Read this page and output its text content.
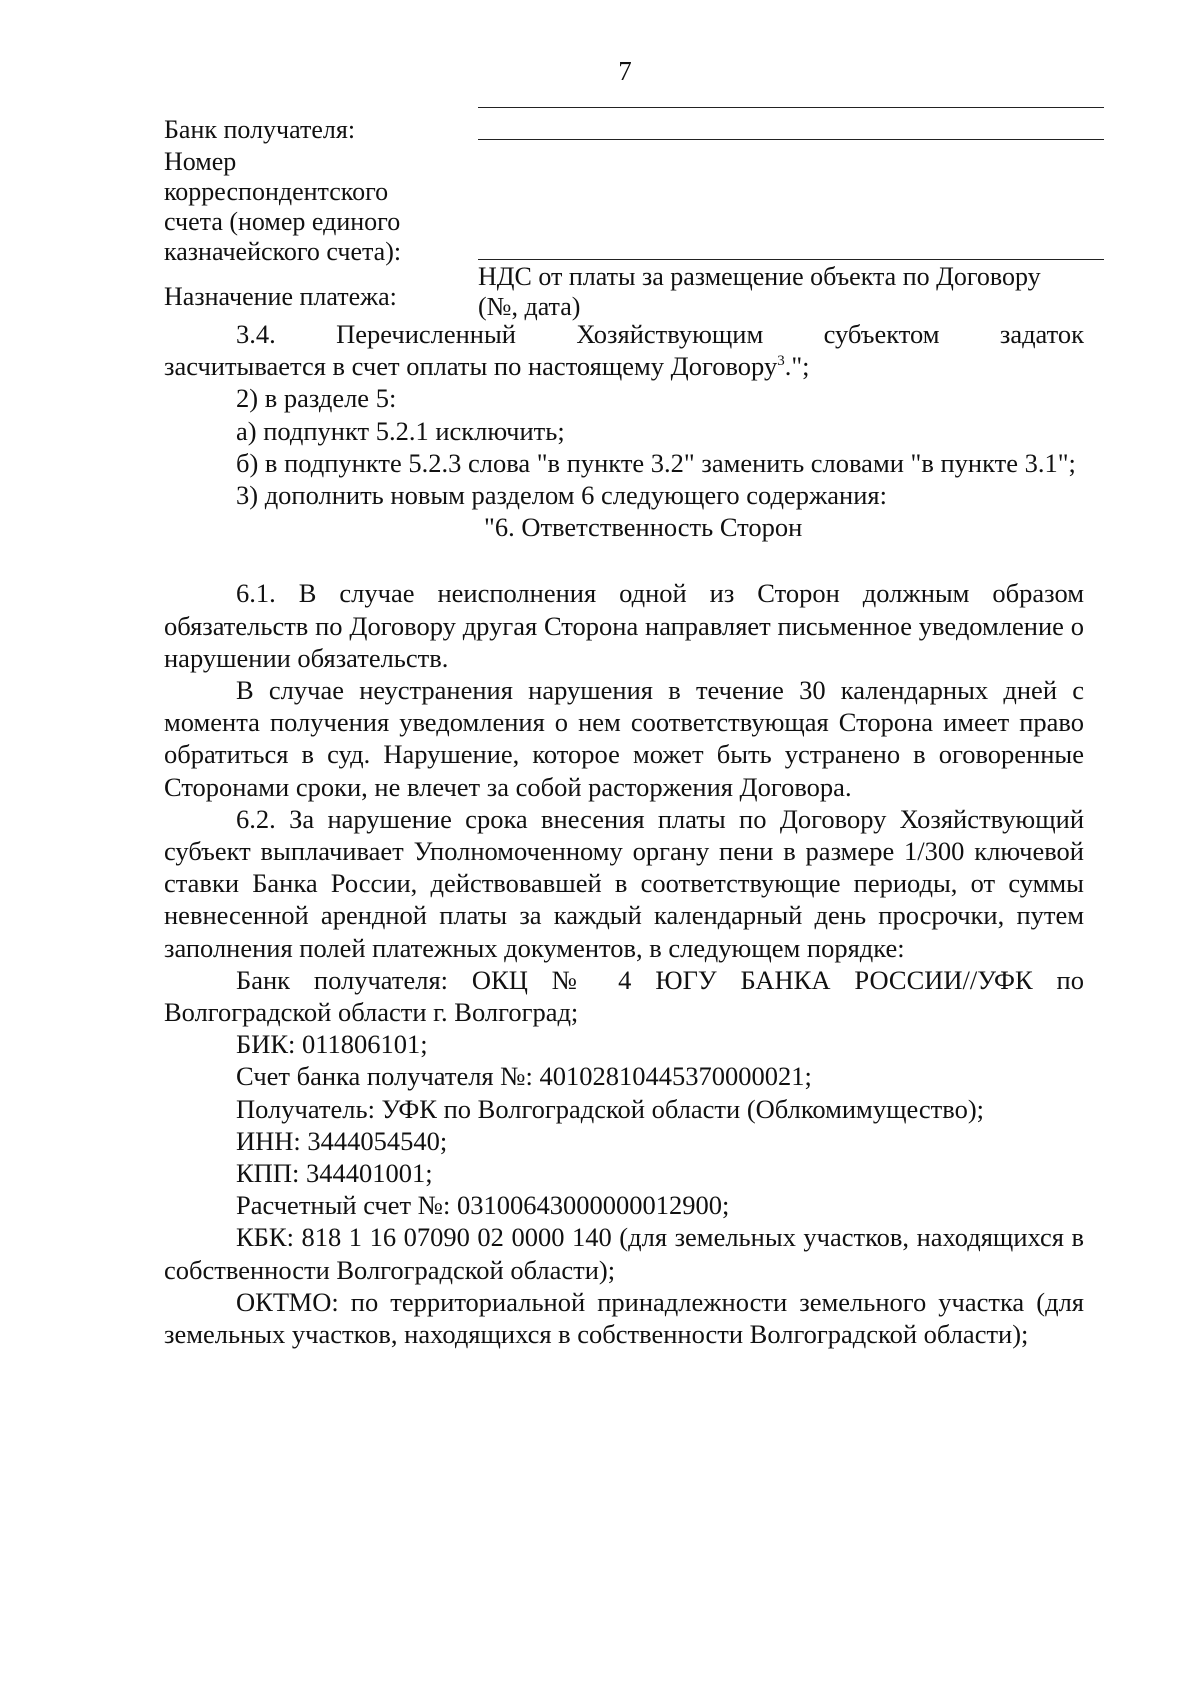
7
Банк получателя:
Номер
корреспондентского
счета (номер единого
казначейского счета):
Назначение платежа:
НДС от платы за размещение объекта по Договору
(№, дата)

3.4. Перечисленный Хозяйствующим субъектом задаток

засчитывается в счет оплаты по настоящему Договору$^3$.";

2) в разделе 5:

а) подпункт 5.2.1 исключить;

б) в подпункте 5.2.3 слова "в пункте 3.2" заменить словами "в пункте 3.1";

3) дополнить новым разделом 6 следующего содержания:

"6. Ответственность Сторон

6.1. В случае неисполнения одной из Сторон должным образом обязательств по Договору другая Сторона направляет письменное уведомление о нарушении обязательств.

В случае неустранения нарушения в течение 30 календарных дней с момента получения уведомления о нем соответствующая Сторона имеет право обратиться в суд. Нарушение, которое может быть устранено в оговоренные Сторонами сроки, не влечет за собой расторжения Договора.

6.2. За нарушение срока внесения платы по Договору Хозяйствующий субъект выплачивает Уполномоченному органу пени в размере 1/300 ключевой ставки Банка России, действовавшей в соответствующие периоды, от суммы невнесенной арендной платы за каждый календарный день просрочки, путем заполнения полей платежных документов, в следующем порядке:

Банк получателя: ОКЦ № 4 ЮГУ БАНКА РОССИИ//УФК по Волгоградской области г. Волгоград;

БИК: 011806101;

Счет банка получателя №: 40102810445370000021;

Получатель: УФК по Волгоградской области (Облкомимущество);

ИНН: 3444054540;

КПП: 344401001;

Расчетный счет №: 03100643000000012900;

КБК: 818 1 16 07090 02 0000 140 (для земельных участков, находящихся в собственности Волгоградской области);

ОКТМО: по территориальной принадлежности земельного участка (для земельных участков, находящихся в собственности Волгоградской области);
